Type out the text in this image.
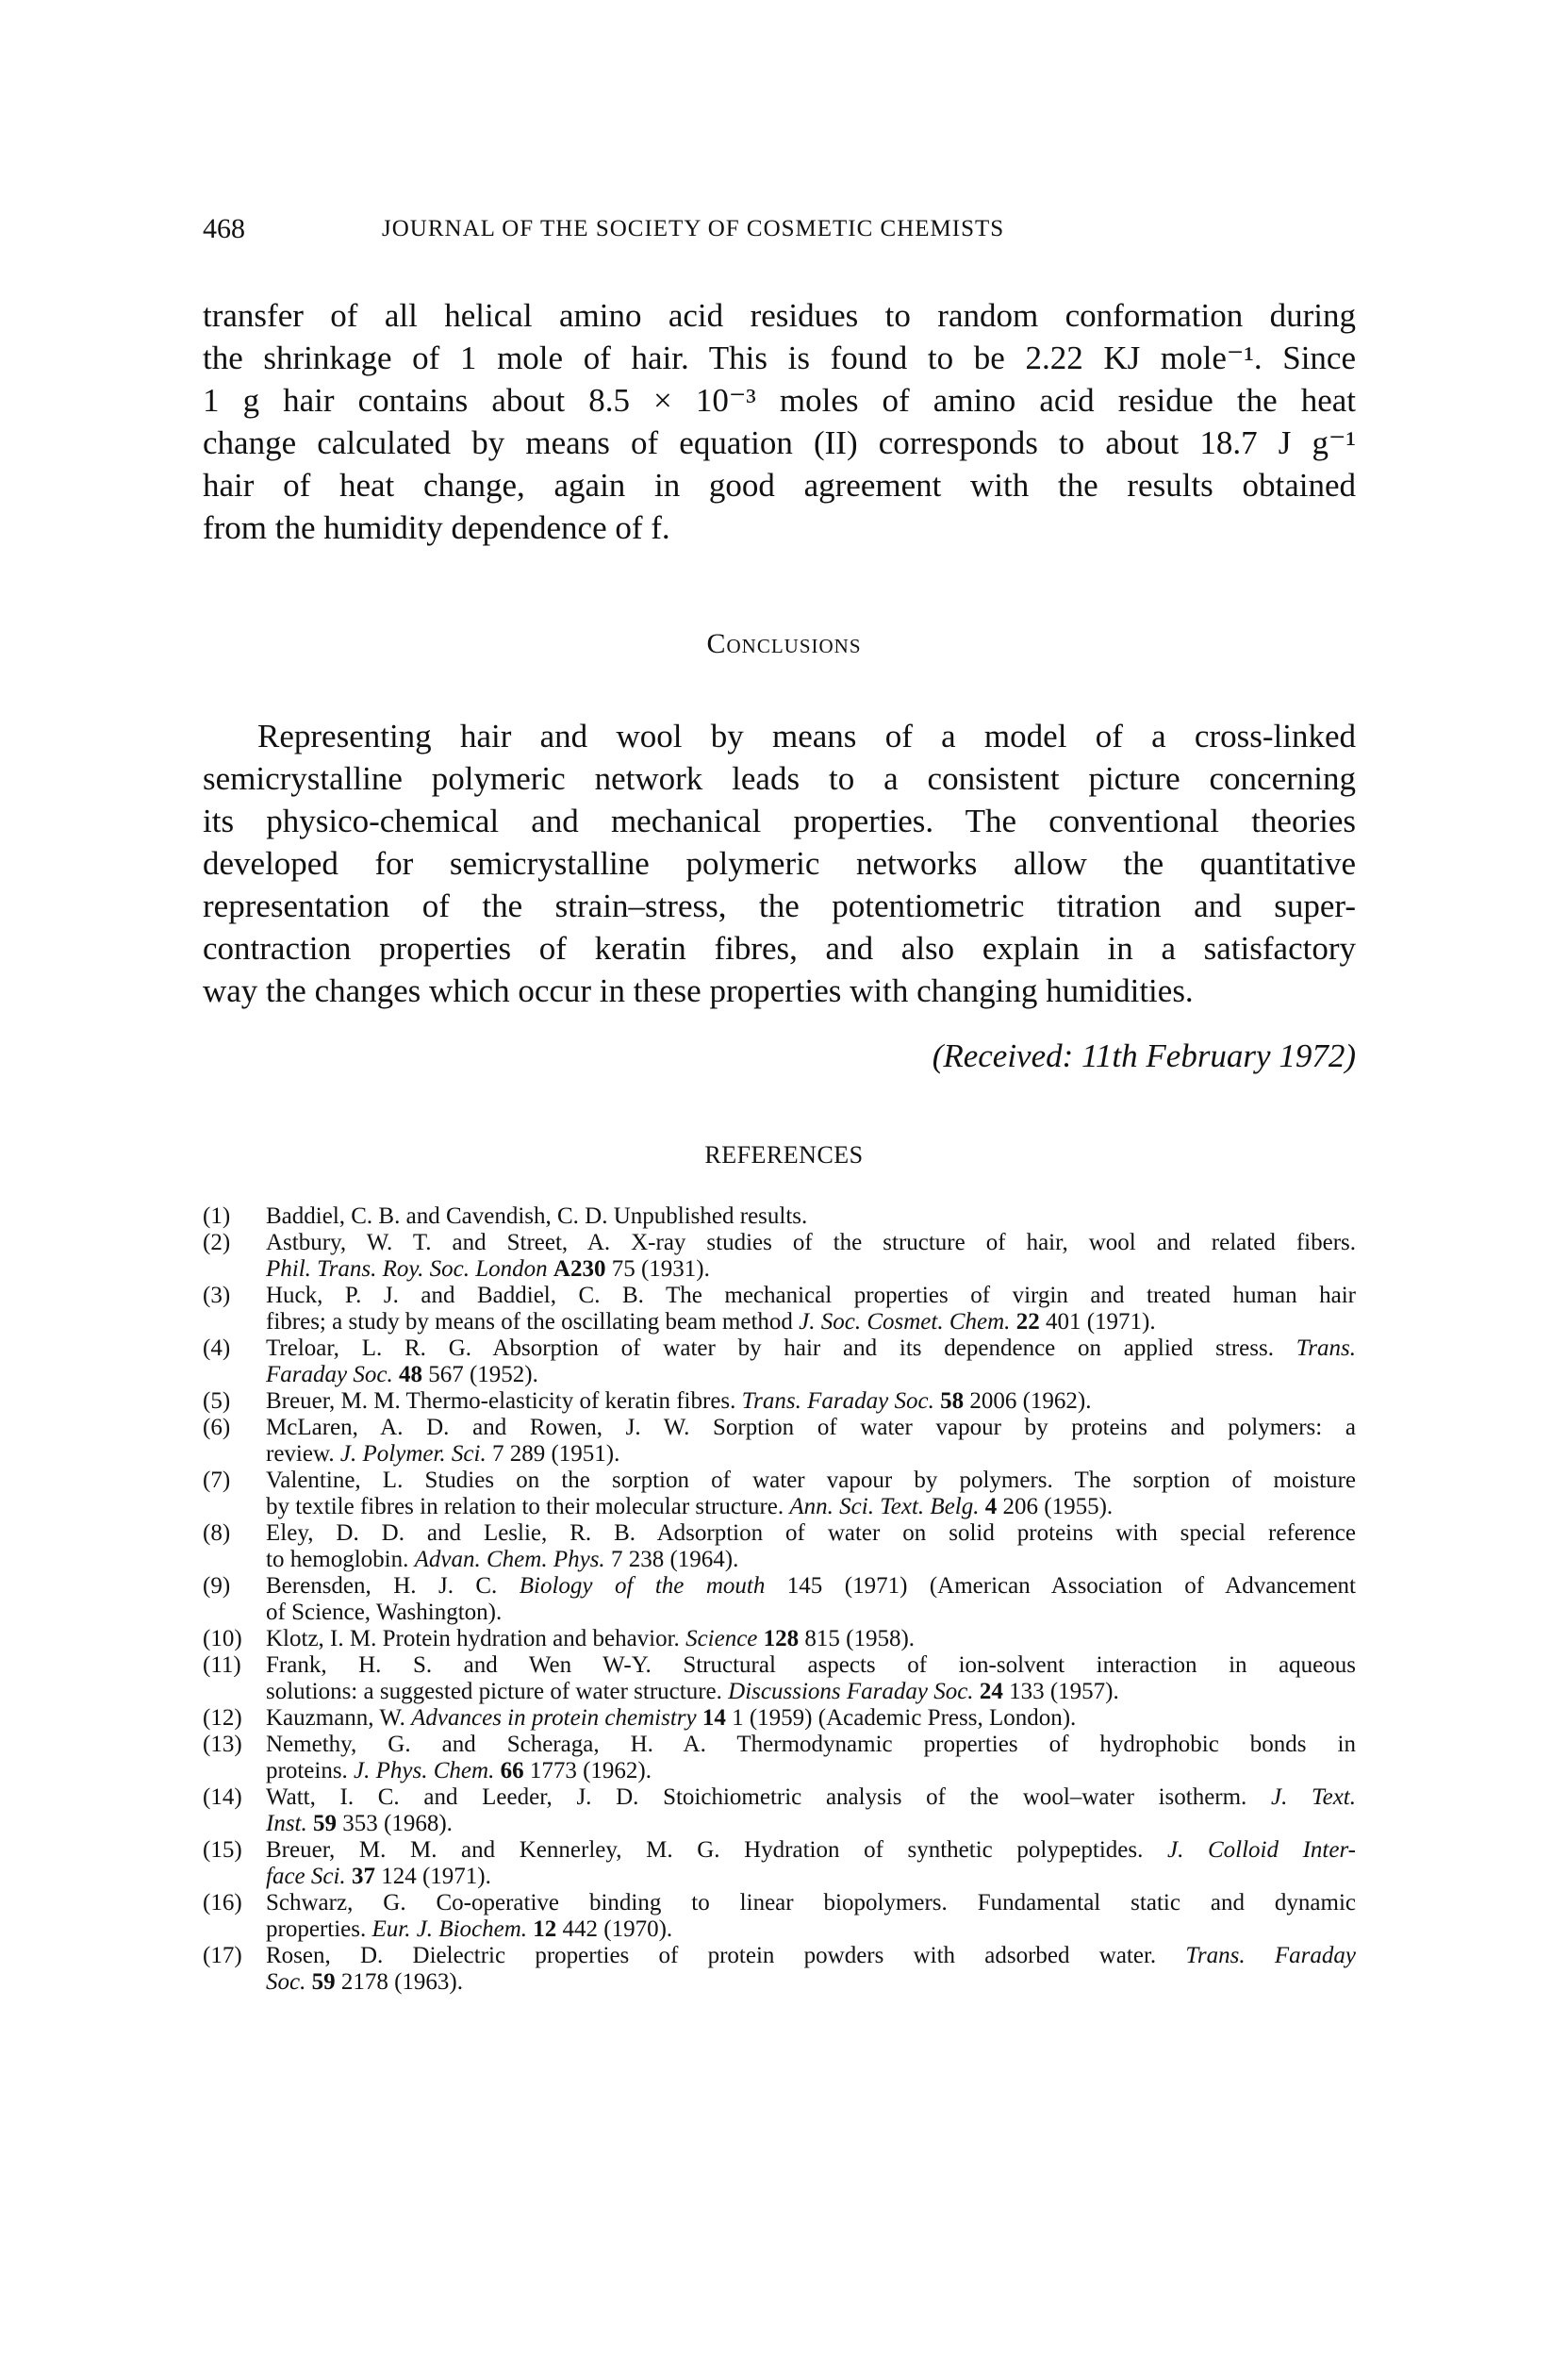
468	JOURNAL OF THE SOCIETY OF COSMETIC CHEMISTS
transfer of all helical amino acid residues to random conformation during
the shrinkage of 1 mole of hair. This is found to be 2.22 KJ mole⁻¹. Since
1 g hair contains about 8.5 × 10⁻³ moles of amino acid residue the heat
change calculated by means of equation (II) corresponds to about 18.7 J g⁻¹
hair of heat change, again in good agreement with the results obtained
from the humidity dependence of f.
Conclusions
Representing hair and wool by means of a model of a cross-linked
semicrystalline polymeric network leads to a consistent picture concerning
its physico-chemical and mechanical properties. The conventional theories
developed for semicrystalline polymeric networks allow the quantitative
representation of the strain–stress, the potentiometric titration and super-
contraction properties of keratin fibres, and also explain in a satisfactory
way the changes which occur in these properties with changing humidities.
(Received: 11th February 1972)
REFERENCES
(1) Baddiel, C. B. and Cavendish, C. D. Unpublished results.
(2) Astbury, W. T. and Street, A. X-ray studies of the structure of hair, wool and related fibers.
Phil. Trans. Roy. Soc. London A230 75 (1931).
(3) Huck, P. J. and Baddiel, C. B. The mechanical properties of virgin and treated human hair
fibres; a study by means of the oscillating beam method J. Soc. Cosmet. Chem. 22 401 (1971).
(4) Treloar, L. R. G. Absorption of water by hair and its dependence on applied stress. Trans.
Faraday Soc. 48 567 (1952).
(5) Breuer, M. M. Thermo-elasticity of keratin fibres. Trans. Faraday Soc. 58 2006 (1962).
(6) McLaren, A. D. and Rowen, J. W. Sorption of water vapour by proteins and polymers: a
review. J. Polymer. Sci. 7 289 (1951).
(7) Valentine, L. Studies on the sorption of water vapour by polymers. The sorption of moisture
by textile fibres in relation to their molecular structure. Ann. Sci. Text. Belg. 4 206 (1955).
(8) Eley, D. D. and Leslie, R. B. Adsorption of water on solid proteins with special reference
to hemoglobin. Advan. Chem. Phys. 7 238 (1964).
(9) Berensden, H. J. C. Biology of the mouth 145 (1971) (American Association of Advancement
of Science, Washington).
(10) Klotz, I. M. Protein hydration and behavior. Science 128 815 (1958).
(11) Frank, H. S. and Wen W-Y. Structural aspects of ion-solvent interaction in aqueous
solutions: a suggested picture of water structure. Discussions Faraday Soc. 24 133 (1957).
(12) Kauzmann, W. Advances in protein chemistry 14 1 (1959) (Academic Press, London).
(13) Nemethy, G. and Scheraga, H. A. Thermodynamic properties of hydrophobic bonds in
proteins. J. Phys. Chem. 66 1773 (1962).
(14) Watt, I. C. and Leeder, J. D. Stoichiometric analysis of the wool–water isotherm. J. Text.
Inst. 59 353 (1968).
(15) Breuer, M. M. and Kennerley, M. G. Hydration of synthetic polypeptides. J. Colloid Inter-
face Sci. 37 124 (1971).
(16) Schwarz, G. Co-operative binding to linear biopolymers. Fundamental static and dynamic
properties. Eur. J. Biochem. 12 442 (1970).
(17) Rosen, D. Dielectric properties of protein powders with adsorbed water. Trans. Faraday
Soc. 59 2178 (1963).
